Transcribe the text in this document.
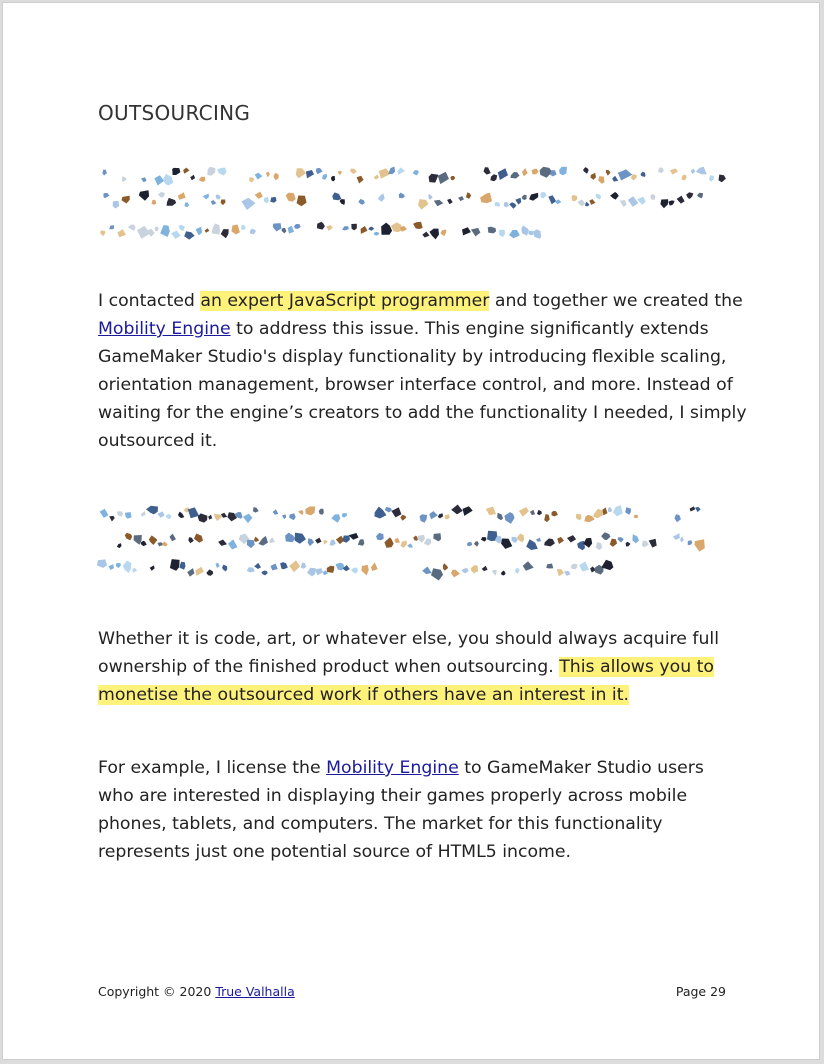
OUTSOURCING
I contacted an expert JavaScript programmer and together we created the
Mobility Engine to address this issue. This engine significantly extends
GameMaker Studio's display functionality by introducing flexible scaling,
orientation management, browser interface control, and more. Instead of
waiting for the engine’s creators to add the functionality I needed, I simply
outsourced it.
Whether it is code, art, or whatever else, you should always acquire full
ownership of the finished product when outsourcing. This allows you to
monetise the outsourced work if others have an interest in it.
For example, I license the Mobility Engine to GameMaker Studio users
who are interested in displaying their games properly across mobile
phones, tablets, and computers. The market for this functionality
represents just one potential source of HTML5 income.
Copyright © 2020 True Valhalla	Page 29
